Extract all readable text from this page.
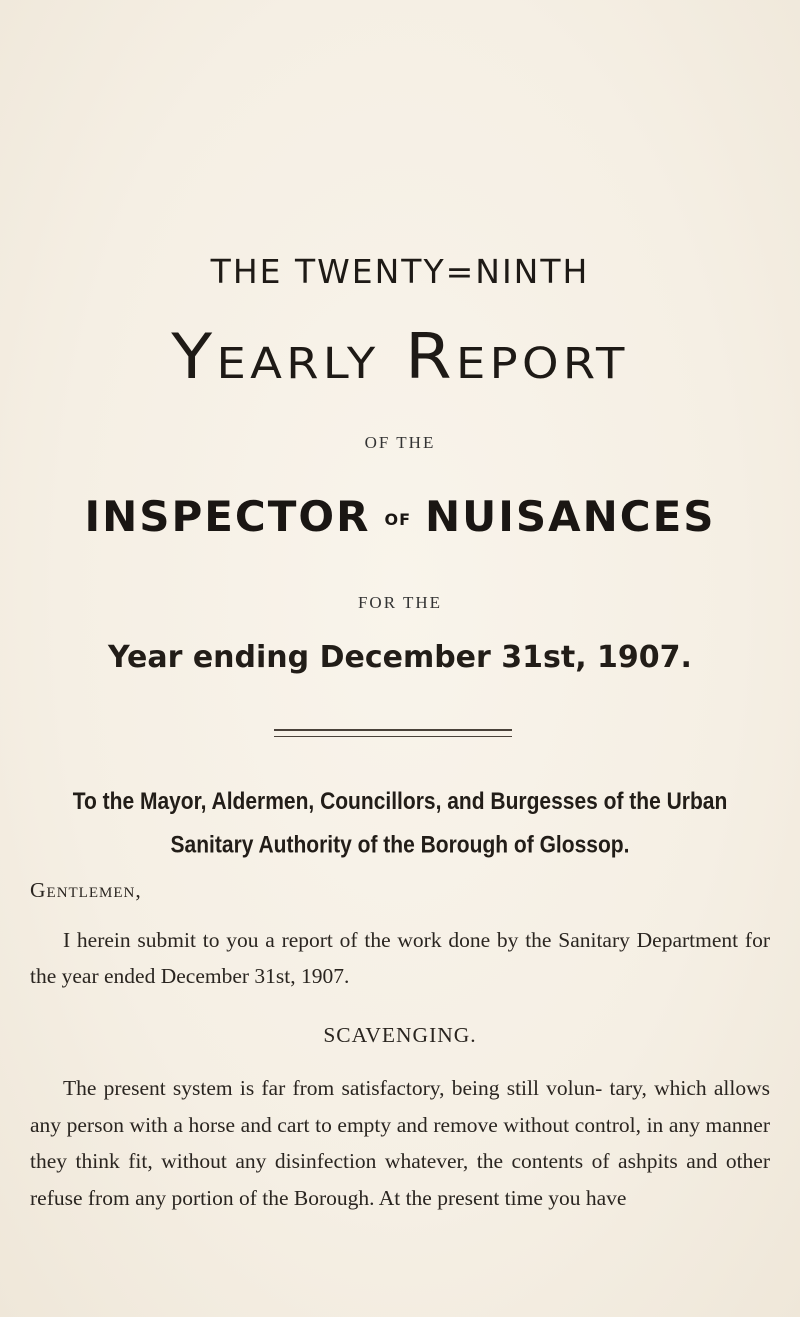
THE TWENTY=NINTH
Yearly Report
OF THE
INSPECTOR OF NUISANCES
FOR THE
Year ending December 31st, 1907.
To the Mayor, Aldermen, Councillors, and Burgesses of the Urban Sanitary Authority of the Borough of Glossop.
Gentlemen,
I herein submit to you a report of the work done by the Sanitary Department for the year ended December 31st, 1907.
SCAVENGING.
The present system is far from satisfactory, being still volun- tary, which allows any person with a horse and cart to empty and remove without control, in any manner they think fit, without any disinfection whatever, the contents of ashpits and other refuse from any portion of the Borough. At the present time you have
